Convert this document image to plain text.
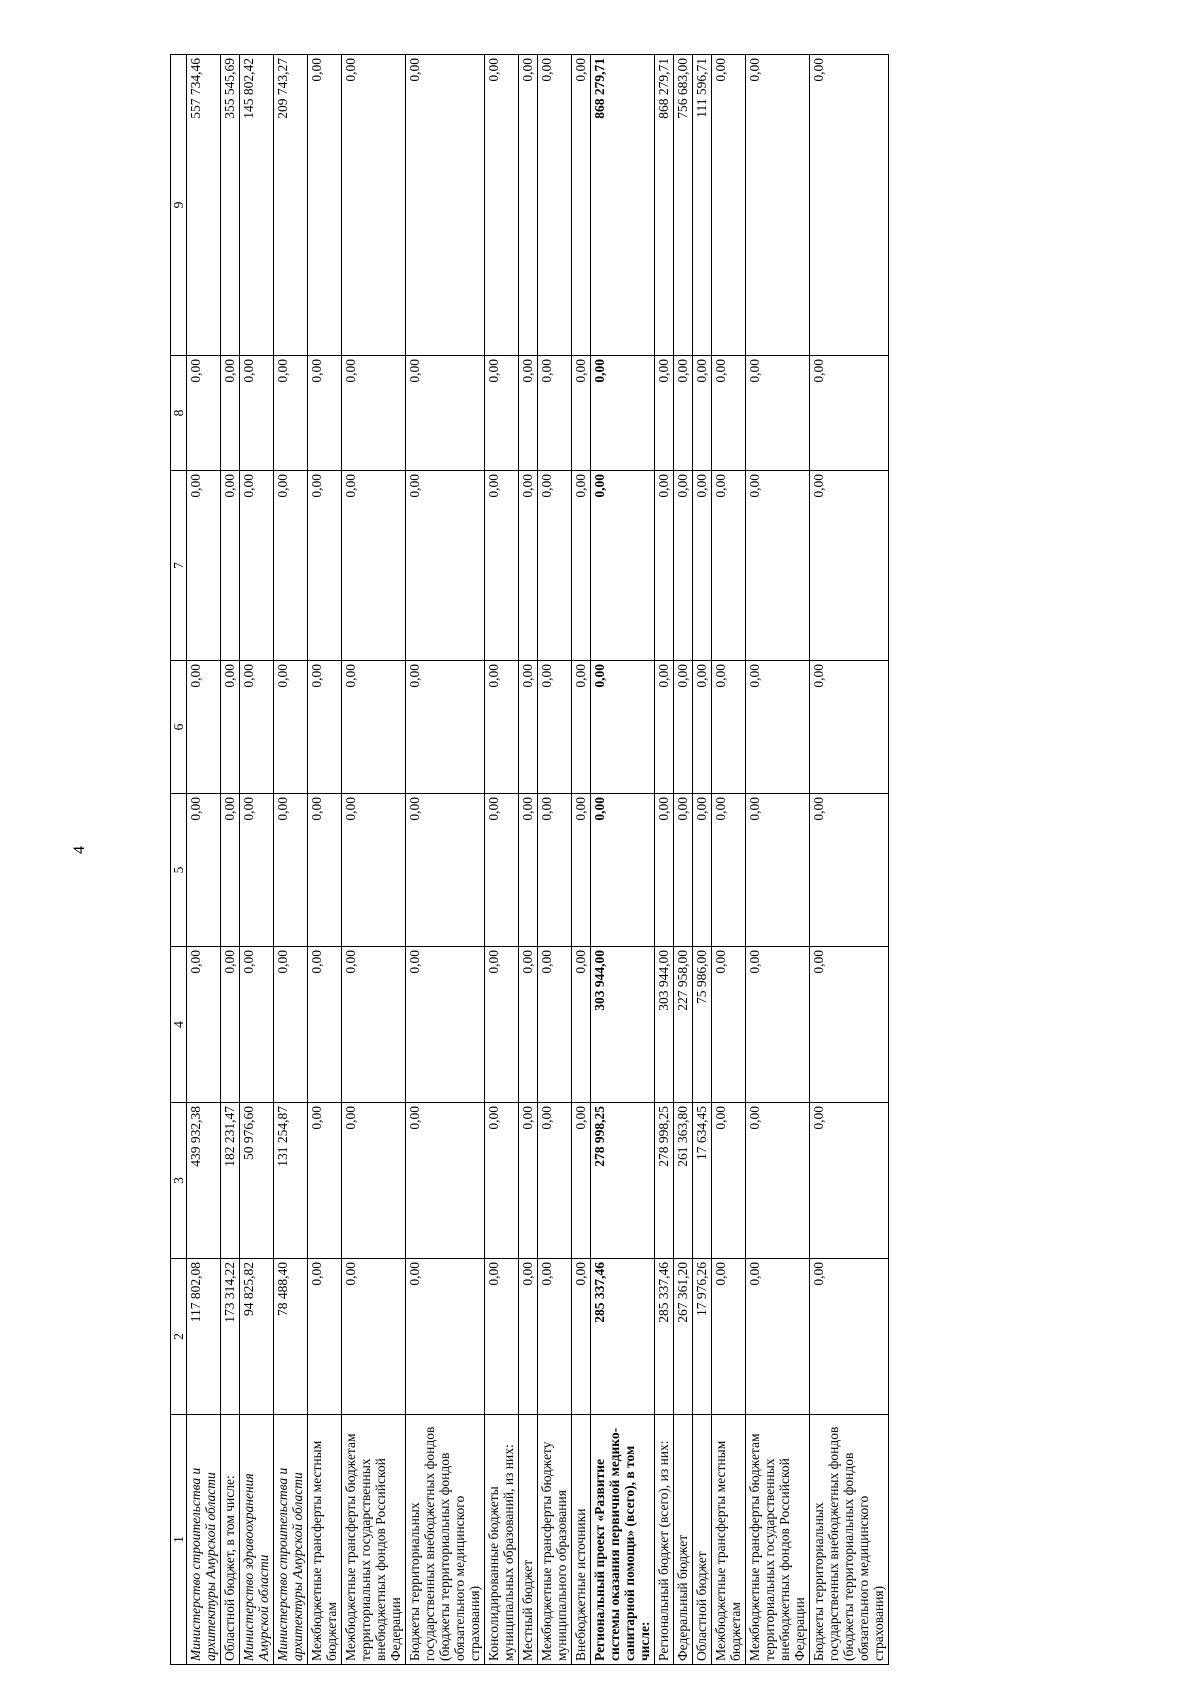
4
1	2	3	4	5	6	7	8	9
Министерство строительства и архитектуры Амурской области	117 802,08	439 932,38	0,00	0,00	0,00	0,00	0,00	557 734,46
Областной бюджет, в том числе:	173 314,22	182 231,47	0,00	0,00	0,00	0,00	0,00	355 545,69
Министерство здравоохранения Амурской области	94 825,82	50 976,60	0,00	0,00	0,00	0,00	0,00	145 802,42
Министерство строительства и архитектуры Амурской области	78 488,40	131 254,87	0,00	0,00	0,00	0,00	0,00	209 743,27
Межбюджетные трансферты местным бюджетам	0,00	0,00	0,00	0,00	0,00	0,00	0,00	0,00
Межбюджетные трансферты бюджетам территориальных государственных внебюджетных фондов Российской Федерации	0,00	0,00	0,00	0,00	0,00	0,00	0,00	0,00
Бюджеты территориальных государственных внебюджетных фондов (бюджеты территориальных фондов обязательного медицинского страхования)	0,00	0,00	0,00	0,00	0,00	0,00	0,00	0,00
Консолидированные бюджеты муниципальных образований, из них:	0,00	0,00	0,00	0,00	0,00	0,00	0,00	0,00
Местный бюджет	0,00	0,00	0,00	0,00	0,00	0,00	0,00	0,00
Межбюджетные трансферты бюджету муниципального образования	0,00	0,00	0,00	0,00	0,00	0,00	0,00	0,00
Внебюджетные источники	0,00	0,00	0,00	0,00	0,00	0,00	0,00	0,00
Региональный проект «Развитие системы оказания первичной медико-санитарной помощи» (всего), в том числе:	285 337,46	278 998,25	303 944,00	0,00	0,00	0,00	0,00	868 279,71
Региональный бюджет (всего), из них:	285 337,46	278 998,25	303 944,00	0,00	0,00	0,00	0,00	868 279,71
Федеральный бюджет	267 361,20	261 363,80	227 958,00	0,00	0,00	0,00	0,00	756 683,00
Областной бюджет	17 976,26	17 634,45	75 986,00	0,00	0,00	0,00	0,00	111 596,71
Межбюджетные трансферты местным бюджетам	0,00	0,00	0,00	0,00	0,00	0,00	0,00	0,00
Межбюджетные трансферты бюджетам территориальных государственных внебюджетных фондов Российской Федерации	0,00	0,00	0,00	0,00	0,00	0,00	0,00	0,00
Бюджеты территориальных государственных внебюджетных фондов (бюджеты территориальных фондов обязательного медицинского страхования)	0,00	0,00	0,00	0,00	0,00	0,00	0,00	0,00
